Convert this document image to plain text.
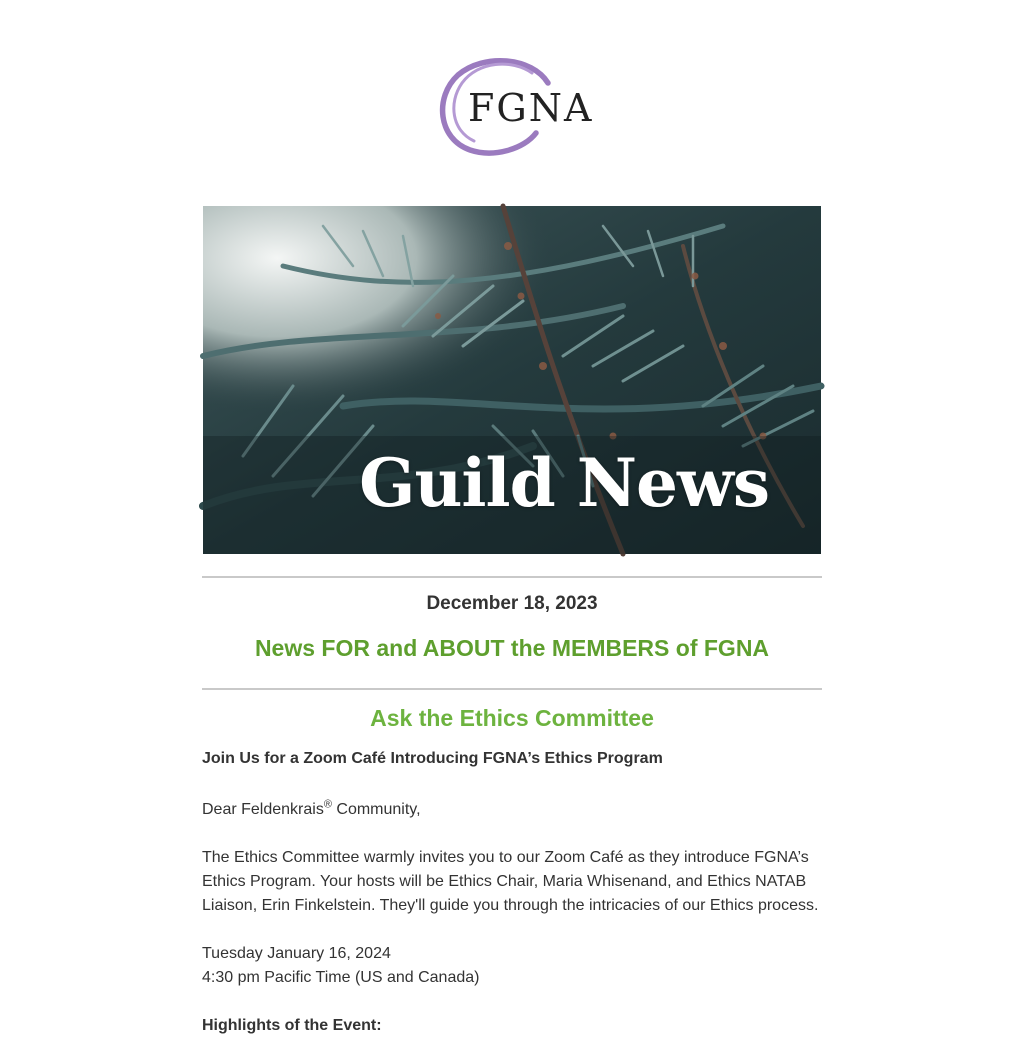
FGNA
Guild News
December 18, 2023
News FOR and ABOUT the MEMBERS of FGNA
Ask the Ethics Committee
Join Us for a Zoom Café Introducing FGNA’s Ethics Program

Dear Feldenkrais® Community,

The Ethics Committee warmly invites you to our Zoom Café as they introduce FGNA’s Ethics Program. Your hosts will be Ethics Chair, Maria Whisenand, and Ethics NATAB Liaison, Erin Finkelstein. They'll guide you through the intricacies of our Ethics process.

Tuesday January 16, 2024

4:30 pm Pacific Time (US and Canada)

Highlights of the Event:
